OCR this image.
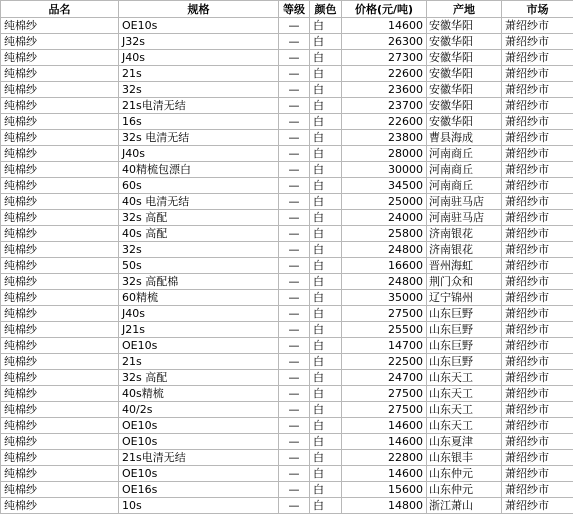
品名	规格	等级	颜色	价格(元/吨)	产地	市场
纯棉纱	OE10s	—	白	14600	安徽华阳	萧绍纱市
纯棉纱	J32s	—	白	26300	安徽华阳	萧绍纱市
纯棉纱	J40s	—	白	27300	安徽华阳	萧绍纱市
纯棉纱	21s	—	白	22600	安徽华阳	萧绍纱市
纯棉纱	32s	—	白	23600	安徽华阳	萧绍纱市
纯棉纱	21s电清无结	—	白	23700	安徽华阳	萧绍纱市
纯棉纱	16s	—	白	22600	安徽华阳	萧绍纱市
纯棉纱	32s 电清无结	—	白	23800	曹县海成	萧绍纱市
纯棉纱	J40s	—	白	28000	河南商丘	萧绍纱市
纯棉纱	40精梳包漂白	—	白	30000	河南商丘	萧绍纱市
纯棉纱	60s	—	白	34500	河南商丘	萧绍纱市
纯棉纱	40s 电清无结	—	白	25000	河南驻马店	萧绍纱市
纯棉纱	32s 高配	—	白	24000	河南驻马店	萧绍纱市
纯棉纱	40s 高配	—	白	25800	济南银花	萧绍纱市
纯棉纱	32s	—	白	24800	济南银花	萧绍纱市
纯棉纱	50s	—	白	16600	晋州海虹	萧绍纱市
纯棉纱	32s 高配棉	—	白	24800	荆门众和	萧绍纱市
纯棉纱	60精梳	—	白	35000	辽宁锦州	萧绍纱市
纯棉纱	J40s	—	白	27500	山东巨野	萧绍纱市
纯棉纱	J21s	—	白	25500	山东巨野	萧绍纱市
纯棉纱	OE10s	—	白	14700	山东巨野	萧绍纱市
纯棉纱	21s	—	白	22500	山东巨野	萧绍纱市
纯棉纱	32s 高配	—	白	24700	山东天工	萧绍纱市
纯棉纱	40s精梳	—	白	27500	山东天工	萧绍纱市
纯棉纱	40/2s	—	白	27500	山东天工	萧绍纱市
纯棉纱	OE10s	—	白	14600	山东天工	萧绍纱市
纯棉纱	OE10s	—	白	14600	山东夏津	萧绍纱市
纯棉纱	21s电清无结	—	白	22800	山东银丰	萧绍纱市
纯棉纱	OE10s	—	白	14600	山东仲元	萧绍纱市
纯棉纱	OE16s	—	白	15600	山东仲元	萧绍纱市
纯棉纱	10s	—	白	14800	浙江萧山	萧绍纱市
